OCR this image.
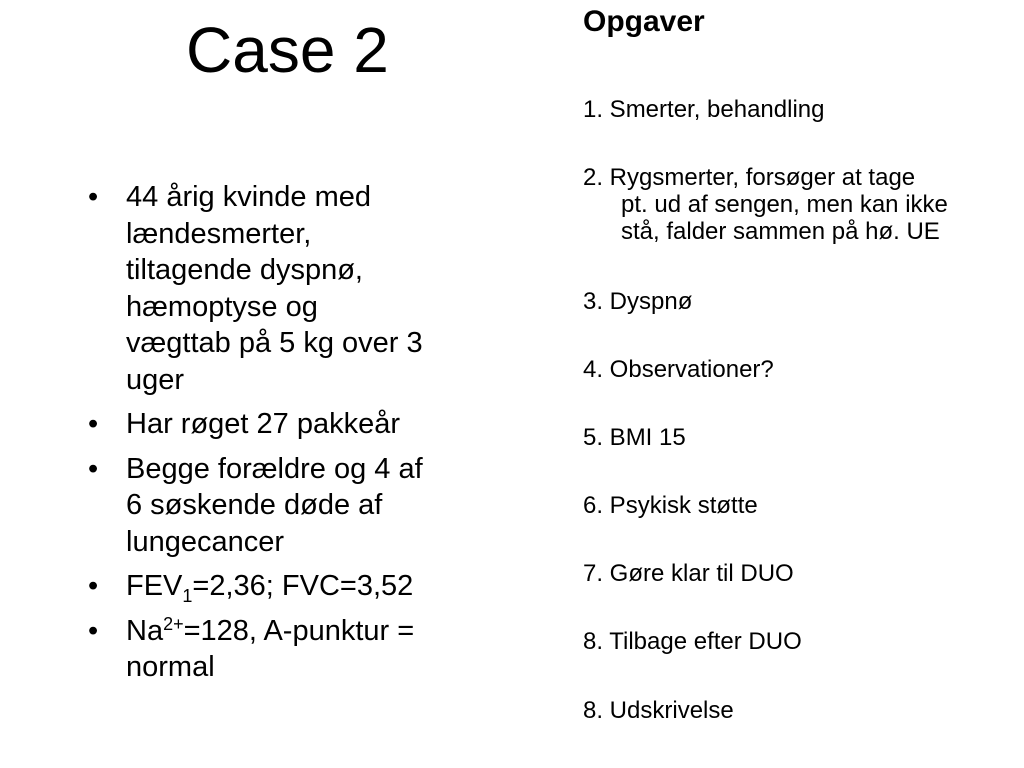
Case 2
• 44 årig kvinde med
lændesmerter,
tiltagende dyspnø,
hæmoptyse og
vægttab på 5 kg over 3
uger
• Har røget 27 pakkeår
• Begge forældre og 4 af
6 søskende døde af
lungecancer
• $FEV_1=2,36$; FVC=3,52
• $Na^{2+}=128$, A-punktur =
normal
Opgaver
1. Smerter, behandling
2. Rygsmerter, forsøger at tage
pt. ud af sengen, men kan ikke
stå, falder sammen på hø. UE
3. Dyspnø
4. Observationer?
5. BMI 15
6. Psykisk støtte
7. Gøre klar til DUO
8. Tilbage efter DUO
8. Udskrivelse
